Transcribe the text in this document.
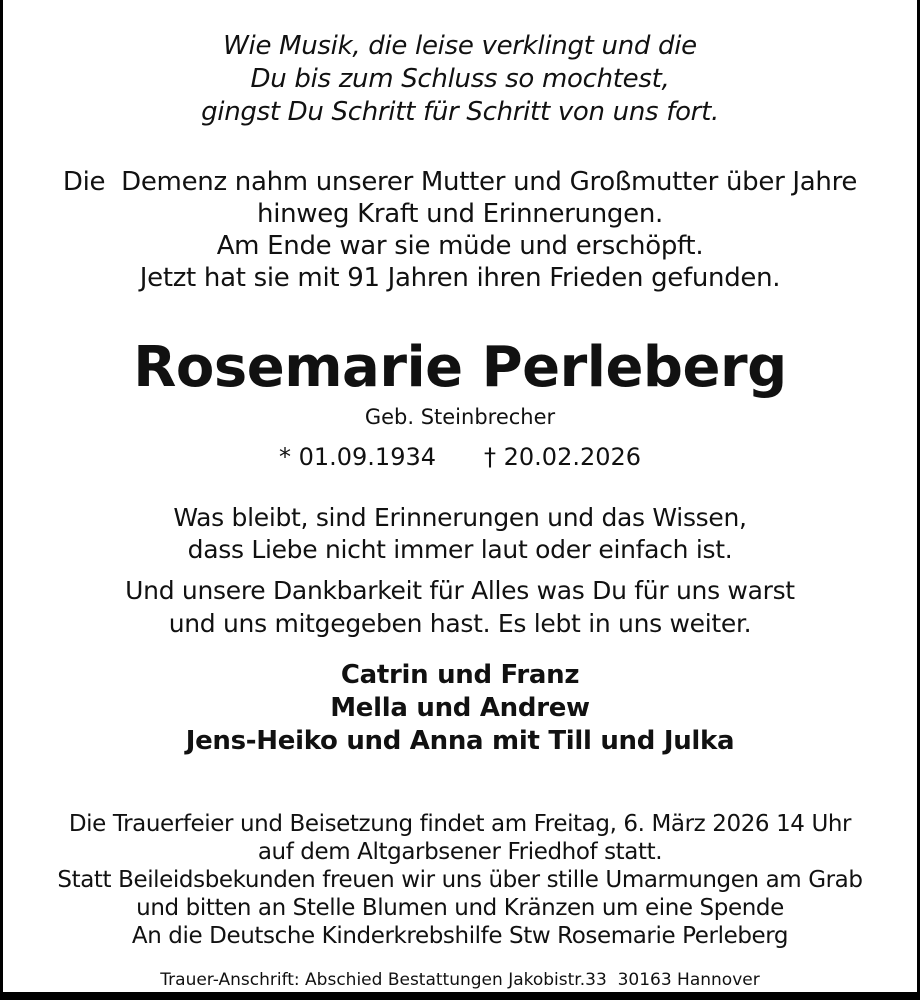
Wie Musik, die leise verklingt und die
Du bis zum Schluss so mochtest,
gingst Du Schritt für Schritt von uns fort.
Die  Demenz nahm unserer Mutter und Großmutter über Jahre
hinweg Kraft und Erinnerungen.
Am Ende war sie müde und erschöpft.
Jetzt hat sie mit 91 Jahren ihren Frieden gefunden.
Rosemarie Perleberg
Geb. Steinbrecher
* 01.09.1934 † 20.02.2026
Was bleibt, sind Erinnerungen und das Wissen,
dass Liebe nicht immer laut oder einfach ist.
Und unsere Dankbarkeit für Alles was Du für uns warst
und uns mitgegeben hast. Es lebt in uns weiter.
Catrin und Franz
Mella und Andrew
Jens-Heiko und Anna mit Till und Julka
Die Trauerfeier und Beisetzung findet am Freitag, 6. März 2026 14 Uhr
auf dem Altgarbsener Friedhof statt.
Statt Beileidsbekunden freuen wir uns über stille Umarmungen am Grab
und bitten an Stelle Blumen und Kränzen um eine Spende
An die Deutsche Kinderkrebshilfe Stw Rosemarie Perleberg
Trauer-Anschrift: Abschied Bestattungen Jakobistr.33  30163 Hannover
